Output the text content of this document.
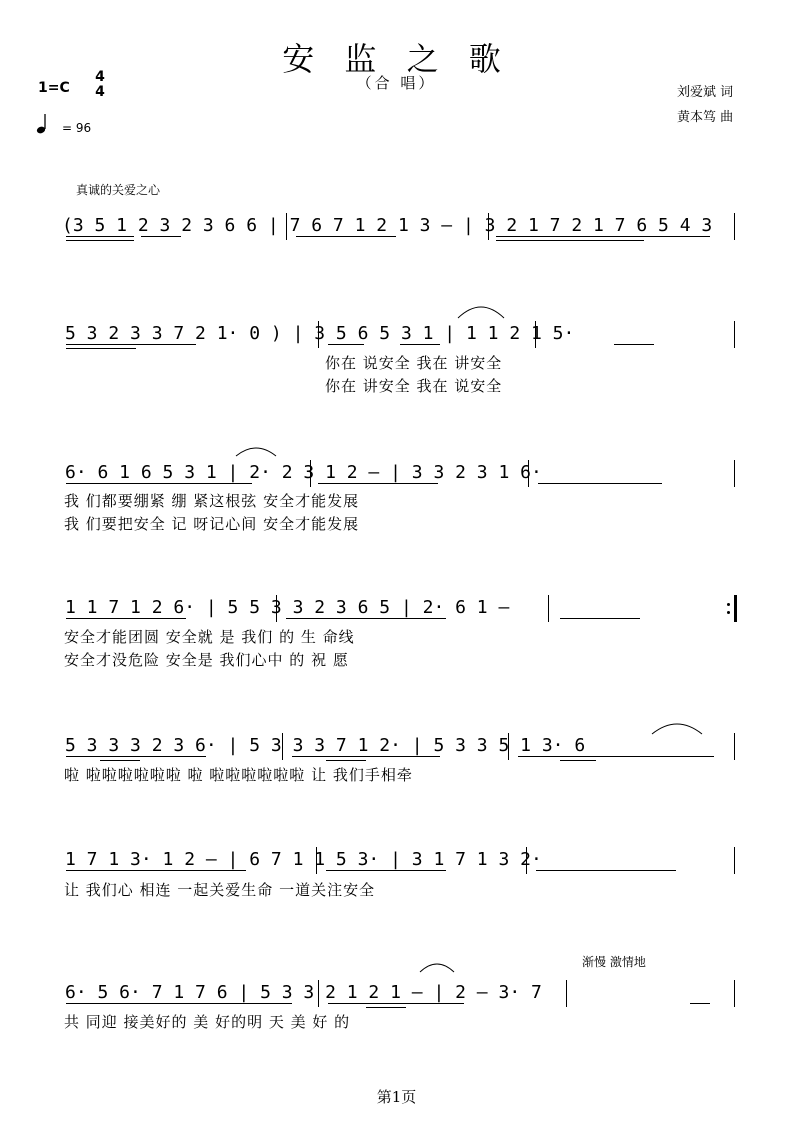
安 监 之 歌
（合 唱）
1=C
4
4
= 96
刘爱斌 词
黄本笃 曲
真诚的关爱之心
渐慢 激情地
(3 5 1 2 3 2 3 6 6 | 7 6 7 1 2 1 3 – | 3 2 1 7 2 1 7 6 5 4 3
5 3 2 3 3 7 2 1· 0 ) | 3 5 6 5 3 1 | 1 1 2 1 5·
你在 说安全 我在 讲安全
你在 讲安全 我在 说安全
6· 6 1 6 5 3 1 | 2· 2 3 1 2 – | 3 3 2 3 1 6·
我 们都要绷紧 绷 紧这根弦 安全才能发展
我 们要把安全 记 呀记心间 安全才能发展
1 1 7 1 2 6· | 5 5 3 3 2 3 6 5 | 2· 6 1 –
安全才能团圆 安全就 是 我们 的 生 命线
安全才没危险 安全是 我们心中 的 祝 愿
5 3 3 3 2 3 6· | 5 3 3 3 7 1 2· | 5 3 3 5 1 3· 6
啦 啦啦啦啦啦啦 啦 啦啦啦啦啦啦 让 我们手相牵
1 7 1 3· 1 2 – | 6 7 1 1 5 3· | 3 1 7 1 3 2·
让 我们心 相连 一起关爱生命 一道关注安全
6· 5 6· 7 1 7 6 | 5 3 3 2 1 2 1 – | 2 – 3· 7
共 同迎 接美好的 美 好的明 天 美 好 的
第1页
